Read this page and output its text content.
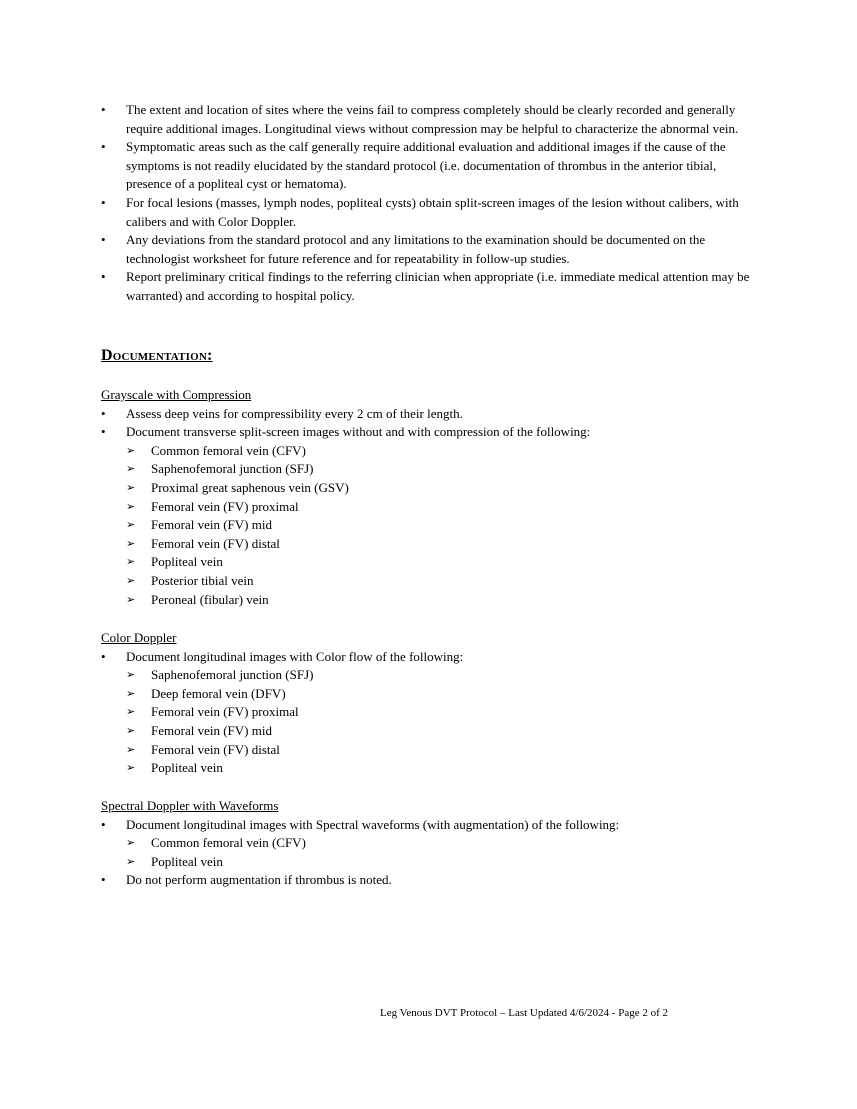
•	The extent and location of sites where the veins fail to compress completely should be clearly recorded and generally require additional images. Longitudinal views without compression may be helpful to characterize the abnormal vein.
•	Symptomatic areas such as the calf generally require additional evaluation and additional images if the cause of the symptoms is not readily elucidated by the standard protocol (i.e. documentation of thrombus in the anterior tibial, presence of a popliteal cyst or hematoma).
•	For focal lesions (masses, lymph nodes, popliteal cysts) obtain split-screen images of the lesion without calibers, with calibers and with Color Doppler.
•	Any deviations from the standard protocol and any limitations to the examination should be documented on the technologist worksheet for future reference and for repeatability in follow-up studies.
•	Report preliminary critical findings to the referring clinician when appropriate (i.e. immediate medical attention may be warranted) and according to hospital policy.
Documentation:
Grayscale with Compression
•	Assess deep veins for compressibility every 2 cm of their length.
•	Document transverse split-screen images without and with compression of the following:
➢ Common femoral vein (CFV)
➢ Saphenofemoral junction (SFJ)
➢ Proximal great saphenous vein (GSV)
➢ Femoral vein (FV) proximal
➢ Femoral vein (FV) mid
➢ Femoral vein (FV) distal
➢ Popliteal vein
➢ Posterior tibial vein
➢ Peroneal (fibular) vein
Color Doppler
•	Document longitudinal images with Color flow of the following:
➢ Saphenofemoral junction (SFJ)
➢ Deep femoral vein (DFV)
➢ Femoral vein (FV) proximal
➢ Femoral vein (FV) mid
➢ Femoral vein (FV) distal
➢ Popliteal vein
Spectral Doppler with Waveforms
•	Document longitudinal images with Spectral waveforms (with augmentation) of the following:
➢ Common femoral vein (CFV)
➢ Popliteal vein
•	Do not perform augmentation if thrombus is noted.
Leg Venous DVT Protocol – Last Updated 4/6/2024 - Page 2 of 2
